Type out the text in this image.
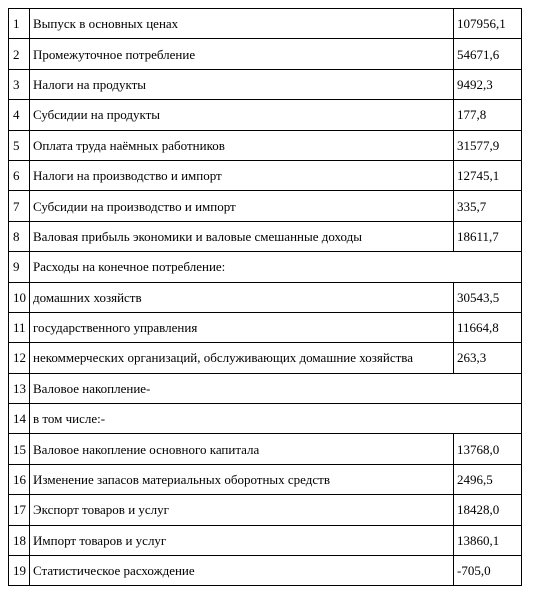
1	Выпуск в основных ценах	107956,1
2	Промежуточное потребление	54671,6
3	Налоги на продукты	9492,3
4	Субсидии на продукты	177,8
5	Оплата труда наёмных работников	31577,9
6	Налоги на производство и импорт	12745,1
7	Субсидии на производство и импорт	335,7
8	Валовая прибыль экономики и валовые смешанные доходы	18611,7
9	Расходы на конечное потребление:	
10	домашних хозяйств	30543,5
11	государственного управления	11664,8
12	некоммерческих организаций, обслуживающих домашние хозяйства	263,3
13	Валовое накопление-	
14	в том числе:-	
15	Валовое накопление основного капитала	13768,0
16	Изменение запасов материальных оборотных средств	2496,5
17	Экспорт товаров и услуг	18428,0
18	Импорт товаров и услуг	13860,1
19	Статистическое расхождение	-705,0
